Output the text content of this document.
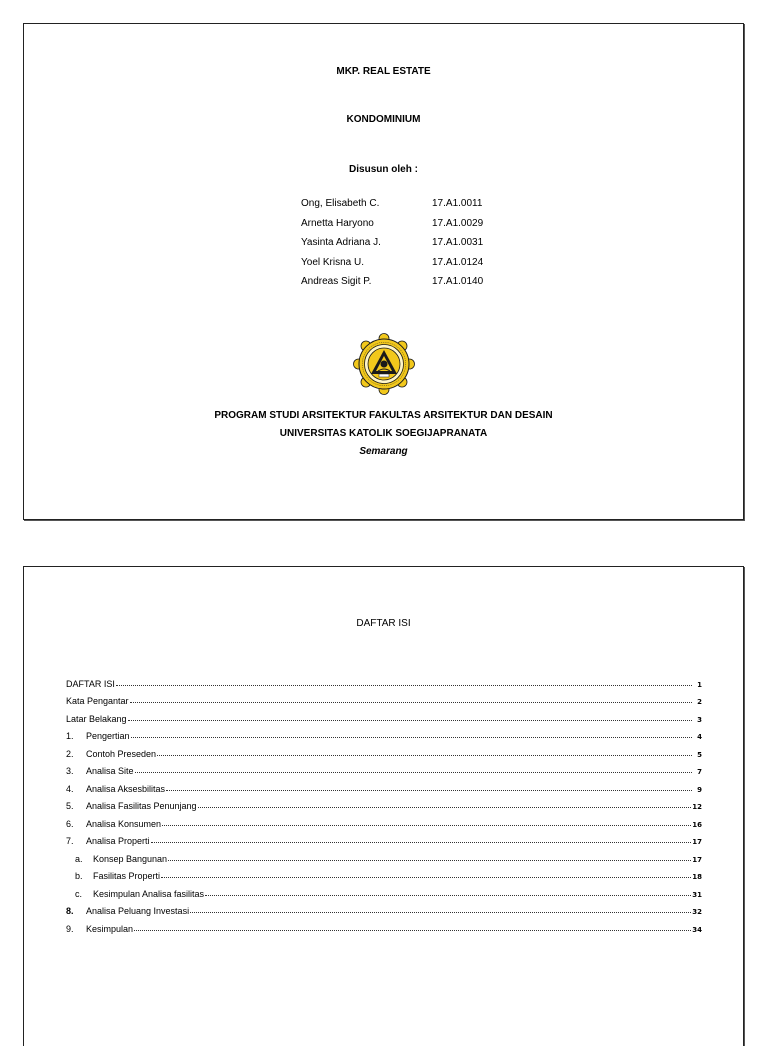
MKP. REAL ESTATE
KONDOMINIUM
Disusun oleh :
Ong, Elisabeth C.	17.A1.0011
Arnetta Haryono	17.A1.0029
Yasinta Adriana J.	17.A1.0031
Yoel Krisna U.	17.A1.0124
Andreas Sigit P.	17.A1.0140
PROGRAM STUDI ARSITEKTUR FAKULTAS ARSITEKTUR DAN DESAIN
UNIVERSITAS KATOLIK SOEGIJAPRANATA
Semarang
DAFTAR ISI
DAFTAR ISI	1
Kata Pengantar	2
Latar Belakang	3
1.	Pengertian	4
2.	Contoh Preseden	5
3.	Analisa Site	7
4.	Analisa Aksesbilitas	9
5.	Analisa Fasilitas Penunjang	12
6.	Analisa Konsumen	16
7.	Analisa Properti	17
a.	Konsep Bangunan	17
b.	Fasilitas Properti	18
c.	Kesimpulan Analisa fasilitas	31
8.	Analisa Peluang Investasi	32
9.	Kesimpulan	34
